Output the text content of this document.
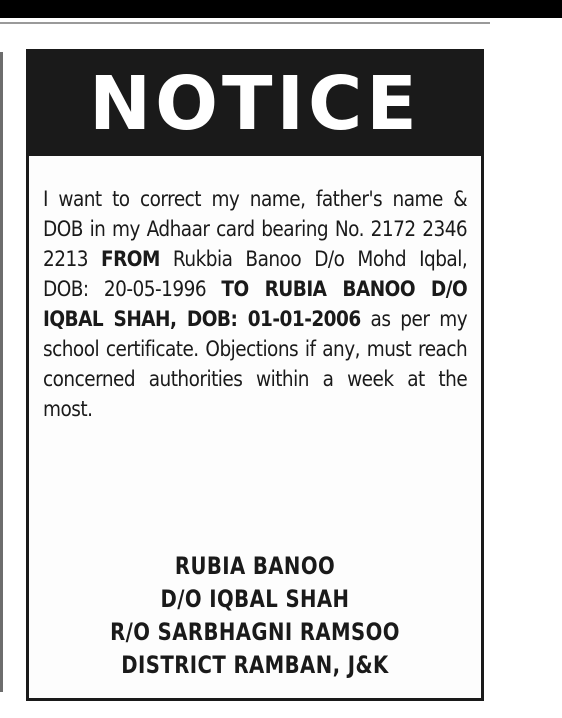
NOTICE
I want to correct my name, father's name & DOB in my Adhaar card bearing No. 2172 2346 2213 FROM Rukbia Banoo D/o Mohd Iqbal, DOB: 20-05-1996 TO RUBIA BANOO D/O IQBAL SHAH, DOB: 01-01-2006 as per my school certificate. Objections if any, must reach concerned authorities within a week at the most.
RUBIA BANOO
D/O IQBAL SHAH
R/O SARBHAGNI RAMSOO
DISTRICT RAMBAN, J&K
